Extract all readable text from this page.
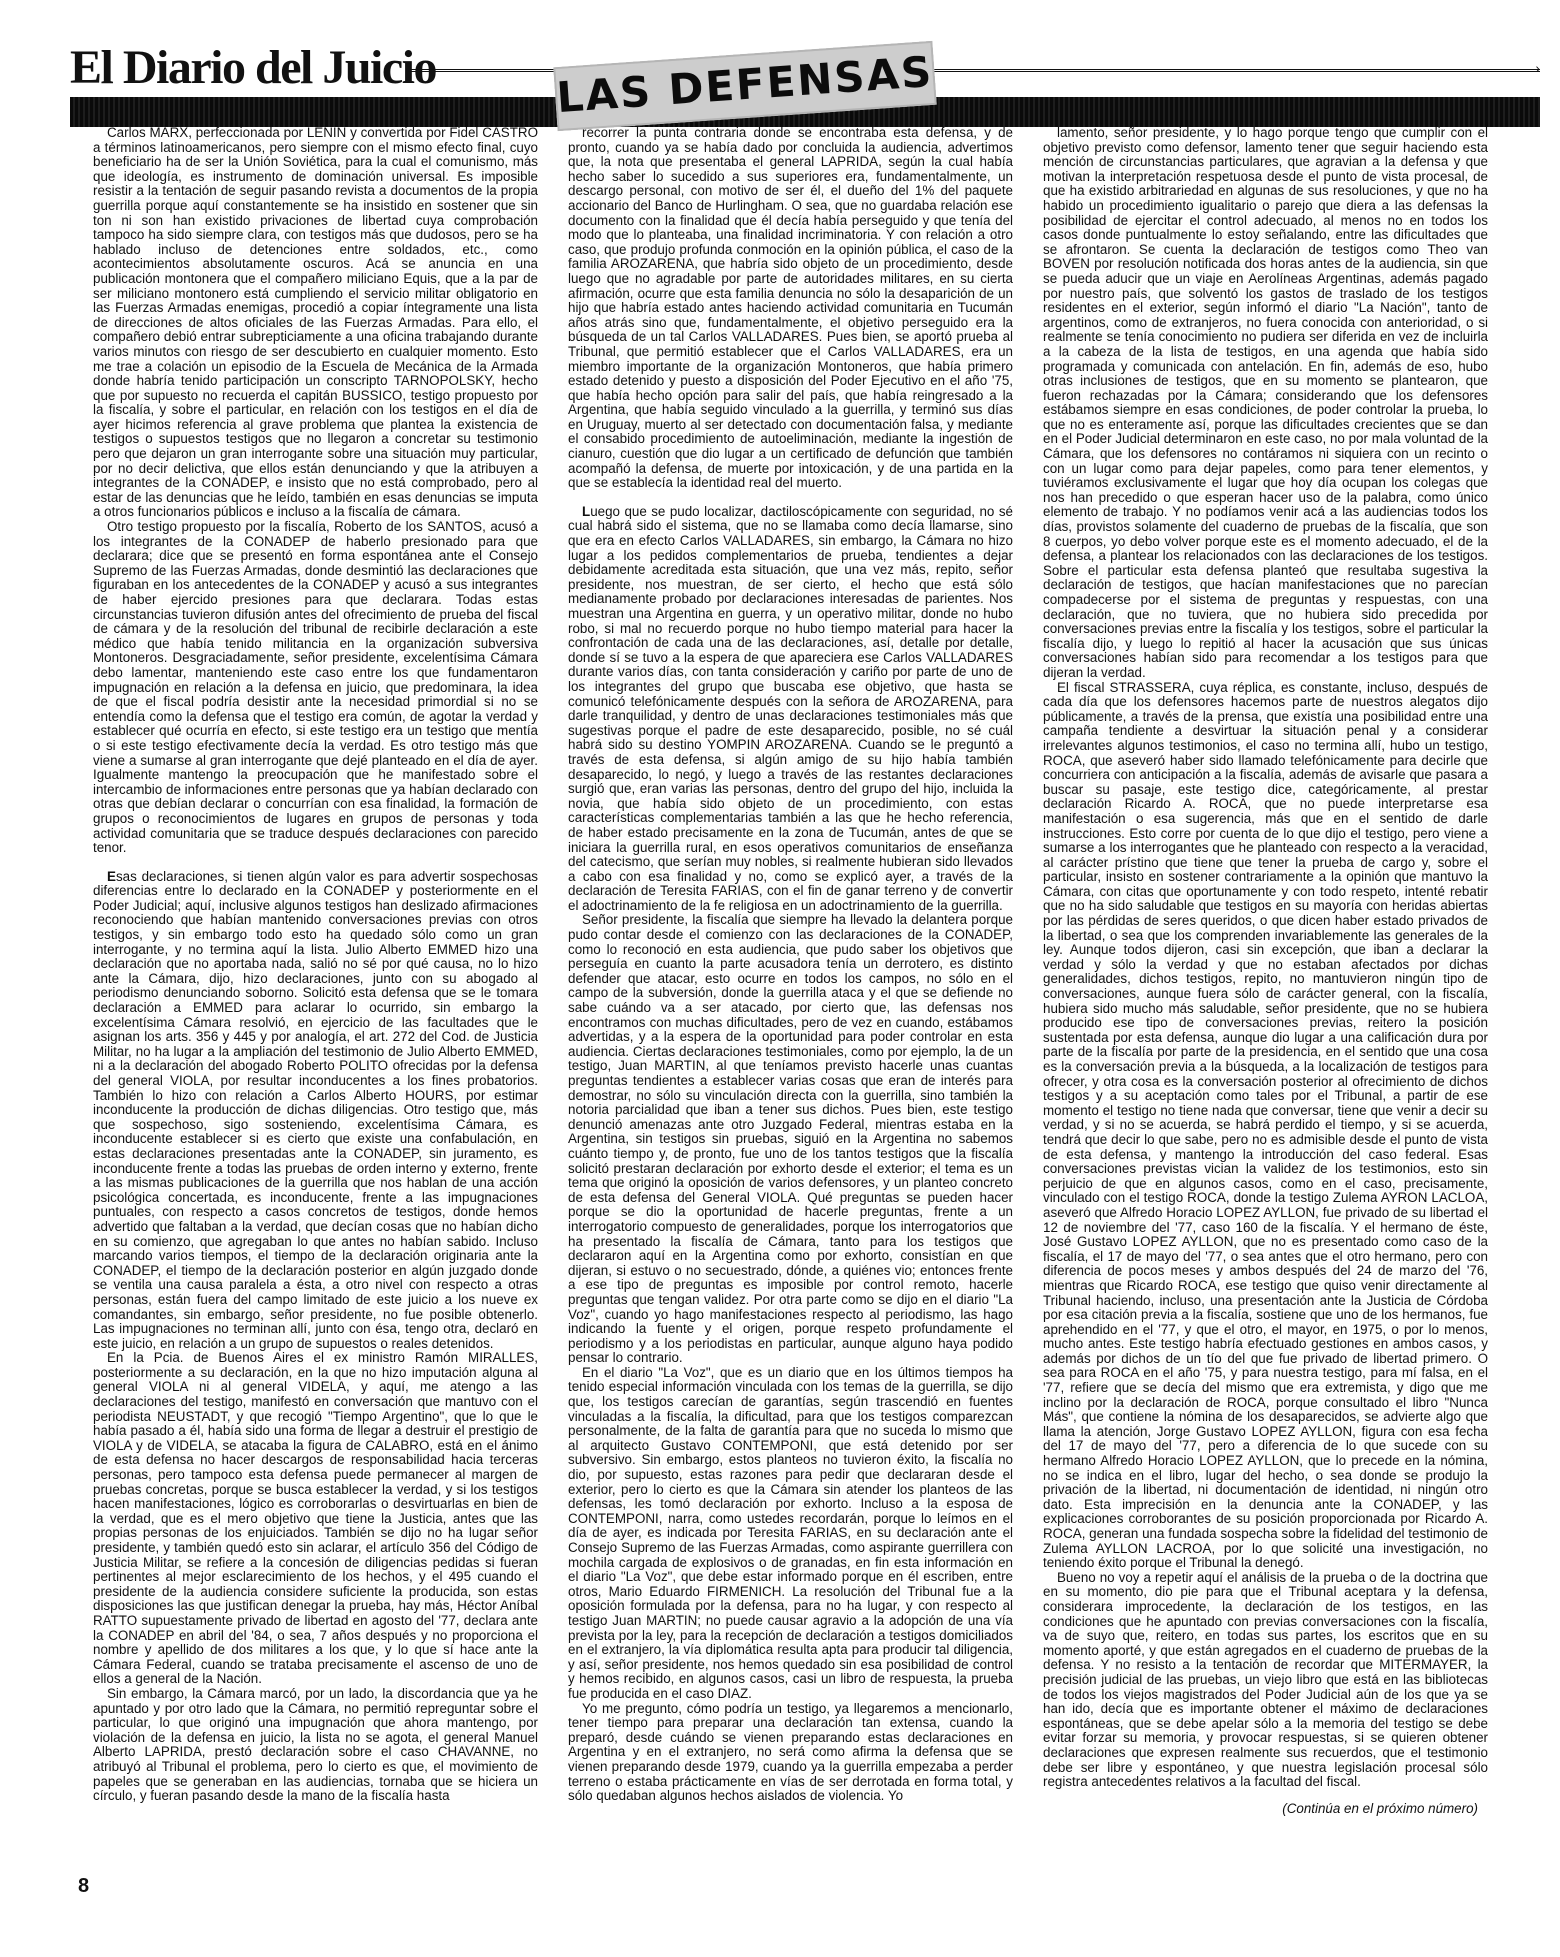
El Diario del Juicio	›
LAS DEFENSAS

Carlos MARX, perfeccionada por LENIN y convertida por Fidel CASTRO a términos latinoamericanos, pero siempre con el mismo efecto final, cuyo beneficiario ha de ser la Unión Soviética, para la cual el comunismo, más que ideología, es instrumento de dominación universal. Es imposible resistir a la tentación de seguir pasando revista a documentos de la propia guerrilla porque aquí constantemente se ha insistido en sostener que sin ton ni son han existido privaciones de libertad cuya comprobación tampoco ha sido siempre clara, con testigos más que dudosos, pero se ha hablado incluso de detenciones entre soldados, etc., como acontecimientos absolutamente oscuros. Acá se anuncia en una publicación montonera que el compañero miliciano Equis, que a la par de ser miliciano montonero está cumpliendo el servicio militar obligatorio en las Fuerzas Armadas enemigas, procedió a copiar íntegramente una lista de direcciones de altos oficiales de las Fuerzas Armadas. Para ello, el compañero debió entrar subrepticiamente a una oficina trabajando durante varios minutos con riesgo de ser descubierto en cualquier momento. Esto me trae a colación un episodio de la Escuela de Mecánica de la Armada donde habría tenido participación un conscripto TARNOPOLSKY, hecho que por supuesto no recuerda el capitán BUSSICO, testigo propuesto por la fiscalía, y sobre el particular, en relación con los testigos en el día de ayer hicimos referencia al grave problema que plantea la existencia de testigos o supuestos testigos que no llegaron a concretar su testimonio pero que dejaron un gran interrogante sobre una situación muy particular, por no decir delictiva, que ellos están denunciando y que la atribuyen a integrantes de la CONADEP, e insisto que no está comprobado, pero al estar de las denuncias que he leído, también en esas denuncias se imputa a otros funcionarios públicos e incluso a la fiscalía de cámara.

Otro testigo propuesto por la fiscalía, Roberto de los SANTOS, acusó a los integrantes de la CONADEP de haberlo presionado para que declarara; dice que se presentó en forma espontánea ante el Consejo Supremo de las Fuerzas Armadas, donde desmintió las declaraciones que figuraban en los antecedentes de la CONADEP y acusó a sus integrantes de haber ejercido presiones para que declarara. Todas estas circunstancias tuvieron difusión antes del ofrecimiento de prueba del fiscal de cámara y de la resolución del tribunal de recibirle declaración a este médico que había tenido militancia en la organización subversiva Montoneros. Desgraciadamente, señor presidente, excelentísima Cámara debo lamentar, manteniendo este caso entre los que fundamentaron impugnación en relación a la defensa en juicio, que predominara, la idea de que el fiscal podría desistir ante la necesidad primordial si no se entendía como la defensa que el testigo era común, de agotar la verdad y establecer qué ocurría en efecto, si este testigo era un testigo que mentía o si este testigo efectivamente decía la verdad. Es otro testigo más que viene a sumarse al gran interrogante que dejé planteado en el día de ayer. Igualmente mantengo la preocupación que he manifestado sobre el intercambio de informaciones entre personas que ya habían declarado con otras que debían declarar o concurrían con esa finalidad, la formación de grupos o reconocimientos de lugares en grupos de personas y toda actividad comunitaria que se traduce después declaraciones con parecido tenor.

Esas declaraciones, si tienen algún valor es para advertir sospechosas diferencias entre lo declarado en la CONADEP y posteriormente en el Poder Judicial; aquí, inclusive algunos testigos han deslizado afirmaciones reconociendo que habían mantenido conversaciones previas con otros testigos, y sin embargo todo esto ha quedado sólo como un gran interrogante, y no termina aquí la lista. Julio Alberto EMMED hizo una declaración que no aportaba nada, salió no sé por qué causa, no lo hizo ante la Cámara, dijo, hizo declaraciones, junto con su abogado al periodismo denunciando soborno. Solicitó esta defensa que se le tomara declaración a EMMED para aclarar lo ocurrido, sin embargo la excelentísima Cámara resolvió, en ejercicio de las facultades que le asignan los arts. 356 y 445 y por analogía, el art. 272 del Cod. de Justicia Militar, no ha lugar a la ampliación del testimonio de Julio Alberto EMMED, ni a la declaración del abogado Roberto POLITO ofrecidas por la defensa del general VIOLA, por resultar inconducentes a los fines probatorios. También lo hizo con relación a Carlos Alberto HOURS, por estimar inconducente la producción de dichas diligencias. Otro testigo que, más que sospechoso, sigo sosteniendo, excelentísima Cámara, es inconducente establecer si es cierto que existe una confabulación, en estas declaraciones presentadas ante la CONADEP, sin juramento, es inconducente frente a todas las pruebas de orden interno y externo, frente a las mismas publicaciones de la guerrilla que nos hablan de una acción psicológica concertada, es inconducente, frente a las impugnaciones puntuales, con respecto a casos concretos de testigos, donde hemos advertido que faltaban a la verdad, que decían cosas que no habían dicho en su comienzo, que agregaban lo que antes no habían sabido. Incluso marcando varios tiempos, el tiempo de la declaración originaria ante la CONADEP, el tiempo de la declaración posterior en algún juzgado donde se ventila una causa paralela a ésta, a otro nivel con respecto a otras personas, están fuera del campo limitado de este juicio a los nueve ex comandantes, sin embargo, señor presidente, no fue posible obtenerlo. Las impugnaciones no terminan allí, junto con ésa, tengo otra, declaró en este juicio, en relación a un grupo de supuestos o reales detenidos.

En la Pcia. de Buenos Aires el ex ministro Ramón MIRALLES, posteriormente a su declaración, en la que no hizo imputación alguna al general VIOLA ni al general VIDELA, y aquí, me atengo a las declaraciones del testigo, manifestó en conversación que mantuvo con el periodista NEUSTADT, y que recogió "Tiempo Argentino", que lo que le había pasado a él, había sido una forma de llegar a destruir el prestigio de VIOLA y de VIDELA, se atacaba la figura de CALABRO, está en el ánimo de esta defensa no hacer descargos de responsabilidad hacia terceras personas, pero tampoco esta defensa puede permanecer al margen de pruebas concretas, porque se busca establecer la verdad, y si los testigos hacen manifestaciones, lógico es corroborarlas o desvirtuarlas en bien de la verdad, que es el mero objetivo que tiene la Justicia, antes que las propias personas de los enjuiciados. También se dijo no ha lugar señor presidente, y también quedó esto sin aclarar, el artículo 356 del Código de Justicia Militar, se refiere a la concesión de diligencias pedidas si fueran pertinentes al mejor esclarecimiento de los hechos, y el 495 cuando el presidente de la audiencia considere suficiente la producida, son estas disposiciones las que justifican denegar la prueba, hay más, Héctor Aníbal RATTO supuestamente privado de libertad en agosto del '77, declara ante la CONADEP en abril del '84, o sea, 7 años después y no proporciona el nombre y apellido de dos militares a los que, y lo que sí hace ante la Cámara Federal, cuando se trataba precisamente el ascenso de uno de ellos a general de la Nación.

Sin embargo, la Cámara marcó, por un lado, la discordancia que ya he apuntado y por otro lado que la Cámara, no permitió repreguntar sobre el particular, lo que originó una impugnación que ahora mantengo, por violación de la defensa en juicio, la lista no se agota, el general Manuel Alberto LAPRIDA, prestó declaración sobre el caso CHAVANNE, no atribuyó al Tribunal el problema, pero lo cierto es que, el movimiento de papeles que se generaban en las audiencias, tornaba que se hiciera un círculo, y fueran pasando desde la mano de la fiscalía hasta

recorrer la punta contraria donde se encontraba esta defensa, y de pronto, cuando ya se había dado por concluida la audiencia, advertimos que, la nota que presentaba el general LAPRIDA, según la cual había hecho saber lo sucedido a sus superiores era, fundamentalmente, un descargo personal, con motivo de ser él, el dueño del 1% del paquete accionario del Banco de Hurlingham. O sea, que no guardaba relación ese documento con la finalidad que él decía había perseguido y que tenía del modo que lo planteaba, una finalidad incriminatoria. Y con relación a otro caso, que produjo profunda conmoción en la opinión pública, el caso de la familia AROZARENA, que habría sido objeto de un procedimiento, desde luego que no agradable por parte de autoridades militares, en su cierta afirmación, ocurre que esta familia denuncia no sólo la desaparición de un hijo que habría estado antes haciendo actividad comunitaria en Tucumán años atrás sino que, fundamentalmente, el objetivo perseguido era la búsqueda de un tal Carlos VALLADARES. Pues bien, se aportó prueba al Tribunal, que permitió establecer que el Carlos VALLADARES, era un miembro importante de la organización Montoneros, que había primero estado detenido y puesto a disposición del Poder Ejecutivo en el año '75, que había hecho opción para salir del país, que había reingresado a la Argentina, que había seguido vinculado a la guerrilla, y terminó sus días en Uruguay, muerto al ser detectado con documentación falsa, y mediante el consabido procedimiento de autoeliminación, mediante la ingestión de cianuro, cuestión que dio lugar a un certificado de defunción que también acompañó la defensa, de muerte por intoxicación, y de una partida en la que se establecía la identidad real del muerto.

Luego que se pudo localizar, dactiloscópicamente con seguridad, no sé cual habrá sido el sistema, que no se llamaba como decía llamarse, sino que era en efecto Carlos VALLADARES, sin embargo, la Cámara no hizo lugar a los pedidos complementarios de prueba, tendientes a dejar debidamente acreditada esta situación, que una vez más, repito, señor presidente, nos muestran, de ser cierto, el hecho que está sólo medianamente probado por declaraciones interesadas de parientes. Nos muestran una Argentina en guerra, y un operativo militar, donde no hubo robo, si mal no recuerdo porque no hubo tiempo material para hacer la confrontación de cada una de las declaraciones, así, detalle por detalle, donde sí se tuvo a la espera de que apareciera ese Carlos VALLADARES durante varios días, con tanta consideración y cariño por parte de uno de los integrantes del grupo que buscaba ese objetivo, que hasta se comunicó telefónicamente después con la señora de AROZARENA, para darle tranquilidad, y dentro de unas declaraciones testimoniales más que sugestivas porque el padre de este desaparecido, posible, no sé cuál habrá sido su destino YOMPIN AROZARENA. Cuando se le preguntó a través de esta defensa, si algún amigo de su hijo había también desaparecido, lo negó, y luego a través de las restantes declaraciones surgió que, eran varias las personas, dentro del grupo del hijo, incluida la novia, que había sido objeto de un procedimiento, con estas características complementarias también a las que he hecho referencia, de haber estado precisamente en la zona de Tucumán, antes de que se iniciara la guerrilla rural, en esos operativos comunitarios de enseñanza del catecismo, que serían muy nobles, si realmente hubieran sido llevados a cabo con esa finalidad y no, como se explicó ayer, a través de la declaración de Teresita FARIAS, con el fin de ganar terreno y de convertir el adoctrinamiento de la fe religiosa en un adoctrinamiento de la guerrilla.

Señor presidente, la fiscalía que siempre ha llevado la delantera porque pudo contar desde el comienzo con las declaraciones de la CONADEP, como lo reconoció en esta audiencia, que pudo saber los objetivos que perseguía en cuanto la parte acusadora tenía un derrotero, es distinto defender que atacar, esto ocurre en todos los campos, no sólo en el campo de la subversión, donde la guerrilla ataca y el que se defiende no sabe cuándo va a ser atacado, por cierto que, las defensas nos encontramos con muchas dificultades, pero de vez en cuando, estábamos advertidas, y a la espera de la oportunidad para poder controlar en esta audiencia. Ciertas declaraciones testimoniales, como por ejemplo, la de un testigo, Juan MARTIN, al que teníamos previsto hacerle unas cuantas preguntas tendientes a establecer varias cosas que eran de interés para demostrar, no sólo su vinculación directa con la guerrilla, sino también la notoria parcialidad que iban a tener sus dichos. Pues bien, este testigo denunció amenazas ante otro Juzgado Federal, mientras estaba en la Argentina, sin testigos sin pruebas, siguió en la Argentina no sabemos cuánto tiempo y, de pronto, fue uno de los tantos testigos que la fiscalía solicitó prestaran declaración por exhorto desde el exterior; el tema es un tema que originó la oposición de varios defensores, y un planteo concreto de esta defensa del General VIOLA. Qué preguntas se pueden hacer porque se dio la oportunidad de hacerle preguntas, frente a un interrogatorio compuesto de generalidades, porque los interrogatorios que ha presentado la fiscalía de Cámara, tanto para los testigos que declararon aquí en la Argentina como por exhorto, consistían en que dijeran, si estuvo o no secuestrado, dónde, a quiénes vio; entonces frente a ese tipo de preguntas es imposible por control remoto, hacerle preguntas que tengan validez. Por otra parte como se dijo en el diario "La Voz", cuando yo hago manifestaciones respecto al periodismo, las hago indicando la fuente y el origen, porque respeto profundamente el periodismo y a los periodistas en particular, aunque alguno haya podido pensar lo contrario.

En el diario "La Voz", que es un diario que en los últimos tiempos ha tenido especial información vinculada con los temas de la guerrilla, se dijo que, los testigos carecían de garantías, según trascendió en fuentes vinculadas a la fiscalía, la dificultad, para que los testigos comparezcan personalmente, de la falta de garantía para que no suceda lo mismo que al arquitecto Gustavo CONTEMPONI, que está detenido por ser subversivo. Sin embargo, estos planteos no tuvieron éxito, la fiscalía no dio, por supuesto, estas razones para pedir que declararan desde el exterior, pero lo cierto es que la Cámara sin atender los planteos de las defensas, les tomó declaración por exhorto. Incluso a la esposa de CONTEMPONI, narra, como ustedes recordarán, porque lo leímos en el día de ayer, es indicada por Teresita FARIAS, en su declaración ante el Consejo Supremo de las Fuerzas Armadas, como aspirante guerrillera con mochila cargada de explosivos o de granadas, en fin esta información en el diario "La Voz", que debe estar informado porque en él escriben, entre otros, Mario Eduardo FIRMENICH. La resolución del Tribunal fue a la oposición formulada por la defensa, para no ha lugar, y con respecto al testigo Juan MARTIN; no puede causar agravio a la adopción de una vía prevista por la ley, para la recepción de declaración a testigos domiciliados en el extranjero, la vía diplomática resulta apta para producir tal diligencia, y así, señor presidente, nos hemos quedado sin esa posibilidad de control y hemos recibido, en algunos casos, casi un libro de respuesta, la prueba fue producida en el caso DIAZ.

Yo me pregunto, cómo podría un testigo, ya llegaremos a mencionarlo, tener tiempo para preparar una declaración tan extensa, cuando la preparó, desde cuándo se vienen preparando estas declaraciones en Argentina y en el extranjero, no será como afirma la defensa que se vienen preparando desde 1979, cuando ya la guerrilla empezaba a perder terreno o estaba prácticamente en vías de ser derrotada en forma total, y sólo quedaban algunos hechos aislados de violencia. Yo

lamento, señor presidente, y lo hago porque tengo que cumplir con el objetivo previsto como defensor, lamento tener que seguir haciendo esta mención de circunstancias particulares, que agravian a la defensa y que motivan la interpretación respetuosa desde el punto de vista procesal, de que ha existido arbitrariedad en algunas de sus resoluciones, y que no ha habido un procedimiento igualitario o parejo que diera a las defensas la posibilidad de ejercitar el control adecuado, al menos no en todos los casos donde puntualmente lo estoy señalando, entre las dificultades que se afrontaron. Se cuenta la declaración de testigos como Theo van BOVEN por resolución notificada dos horas antes de la audiencia, sin que se pueda aducir que un viaje en Aerolíneas Argentinas, además pagado por nuestro país, que solventó los gastos de traslado de los testigos residentes en el exterior, según informó el diario "La Nación", tanto de argentinos, como de extranjeros, no fuera conocida con anterioridad, o si realmente se tenía conocimiento no pudiera ser diferida en vez de incluirla a la cabeza de la lista de testigos, en una agenda que había sido programada y comunicada con antelación. En fin, además de eso, hubo otras inclusiones de testigos, que en su momento se plantearon, que fueron rechazadas por la Cámara; considerando que los defensores estábamos siempre en esas condiciones, de poder controlar la prueba, lo que no es enteramente así, porque las dificultades crecientes que se dan en el Poder Judicial determinaron en este caso, no por mala voluntad de la Cámara, que los defensores no contáramos ni siquiera con un recinto o con un lugar como para dejar papeles, como para tener elementos, y tuviéramos exclusivamente el lugar que hoy día ocupan los colegas que nos han precedido o que esperan hacer uso de la palabra, como único elemento de trabajo. Y no podíamos venir acá a las audiencias todos los días, provistos solamente del cuaderno de pruebas de la fiscalía, que son 8 cuerpos, yo debo volver porque este es el momento adecuado, el de la defensa, a plantear los relacionados con las declaraciones de los testigos. Sobre el particular esta defensa planteó que resultaba sugestiva la declaración de testigos, que hacían manifestaciones que no parecían compadecerse por el sistema de preguntas y respuestas, con una declaración, que no tuviera, que no hubiera sido precedida por conversaciones previas entre la fiscalía y los testigos, sobre el particular la fiscalía dijo, y luego lo repitió al hacer la acusación que sus únicas conversaciones habían sido para recomendar a los testigos para que dijeran la verdad.

El fiscal STRASSERA, cuya réplica, es constante, incluso, después de cada día que los defensores hacemos parte de nuestros alegatos dijo públicamente, a través de la prensa, que existía una posibilidad entre una campaña tendiente a desvirtuar la situación penal y a considerar irrelevantes algunos testimonios, el caso no termina allí, hubo un testigo, ROCA, que aseveró haber sido llamado telefónicamente para decirle que concurriera con anticipación a la fiscalía, además de avisarle que pasara a buscar su pasaje, este testigo dice, categóricamente, al prestar declaración Ricardo A. ROCA, que no puede interpretarse esa manifestación o esa sugerencia, más que en el sentido de darle instrucciones. Esto corre por cuenta de lo que dijo el testigo, pero viene a sumarse a los interrogantes que he planteado con respecto a la veracidad, al carácter prístino que tiene que tener la prueba de cargo y, sobre el particular, insisto en sostener contrariamente a la opinión que mantuvo la Cámara, con citas que oportunamente y con todo respeto, intenté rebatir que no ha sido saludable que testigos en su mayoría con heridas abiertas por las pérdidas de seres queridos, o que dicen haber estado privados de la libertad, o sea que los comprenden invariablemente las generales de la ley. Aunque todos dijeron, casi sin excepción, que iban a declarar la verdad y sólo la verdad y que no estaban afectados por dichas generalidades, dichos testigos, repito, no mantuvieron ningún tipo de conversaciones, aunque fuera sólo de carácter general, con la fiscalía, hubiera sido mucho más saludable, señor presidente, que no se hubiera producido ese tipo de conversaciones previas, reitero la posición sustentada por esta defensa, aunque dio lugar a una calificación dura por parte de la fiscalía por parte de la presidencia, en el sentido que una cosa es la conversación previa a la búsqueda, a la localización de testigos para ofrecer, y otra cosa es la conversación posterior al ofrecimiento de dichos testigos y a su aceptación como tales por el Tribunal, a partir de ese momento el testigo no tiene nada que conversar, tiene que venir a decir su verdad, y si no se acuerda, se habrá perdido el tiempo, y si se acuerda, tendrá que decir lo que sabe, pero no es admisible desde el punto de vista de esta defensa, y mantengo la introducción del caso federal. Esas conversaciones previstas vician la validez de los testimonios, esto sin perjuicio de que en algunos casos, como en el caso, precisamente, vinculado con el testigo ROCA, donde la testigo Zulema AYRON LACLOA, aseveró que Alfredo Horacio LOPEZ AYLLON, fue privado de su libertad el 12 de noviembre del '77, caso 160 de la fiscalía. Y el hermano de éste, José Gustavo LOPEZ AYLLON, que no es presentado como caso de la fiscalía, el 17 de mayo del '77, o sea antes que el otro hermano, pero con diferencia de pocos meses y ambos después del 24 de marzo del '76, mientras que Ricardo ROCA, ese testigo que quiso venir directamente al Tribunal haciendo, incluso, una presentación ante la Justicia de Córdoba por esa citación previa a la fiscalía, sostiene que uno de los hermanos, fue aprehendido en el '77, y que el otro, el mayor, en 1975, o por lo menos, mucho antes. Este testigo habría efectuado gestiones en ambos casos, y además por dichos de un tío del que fue privado de libertad primero. O sea para ROCA en el año '75, y para nuestra testigo, para mí falsa, en el '77, refiere que se decía del mismo que era extremista, y digo que me inclino por la declaración de ROCA, porque consultado el libro "Nunca Más", que contiene la nómina de los desaparecidos, se advierte algo que llama la atención, Jorge Gustavo LOPEZ AYLLON, figura con esa fecha del 17 de mayo del '77, pero a diferencia de lo que sucede con su hermano Alfredo Horacio LOPEZ AYLLON, que lo precede en la nómina, no se indica en el libro, lugar del hecho, o sea donde se produjo la privación de la libertad, ni documentación de identidad, ni ningún otro dato. Esta imprecisión en la denuncia ante la CONADEP, y las explicaciones corroborantes de su posición proporcionada por Ricardo A. ROCA, generan una fundada sospecha sobre la fidelidad del testimonio de Zulema AYLLON LACROA, por lo que solicité una investigación, no teniendo éxito porque el Tribunal la denegó.

Bueno no voy a repetir aquí el análisis de la prueba o de la doctrina que en su momento, dio pie para que el Tribunal aceptara y la defensa, considerara improcedente, la declaración de los testigos, en las condiciones que he apuntado con previas conversaciones con la fiscalía, va de suyo que, reitero, en todas sus partes, los escritos que en su momento aporté, y que están agregados en el cuaderno de pruebas de la defensa. Y no resisto a la tentación de recordar que MITERMAYER, la precisión judicial de las pruebas, un viejo libro que está en las bibliotecas de todos los viejos magistrados del Poder Judicial aún de los que ya se han ido, decía que es importante obtener el máximo de declaraciones espontáneas, que se debe apelar sólo a la memoria del testigo se debe evitar forzar su memoria, y provocar respuestas, si se quieren obtener declaraciones que expresen realmente sus recuerdos, que el testimonio debe ser libre y espontáneo, y que nuestra legislación procesal sólo registra antecedentes relativos a la facultad del fiscal.

(Continúa en el próximo número)

8
